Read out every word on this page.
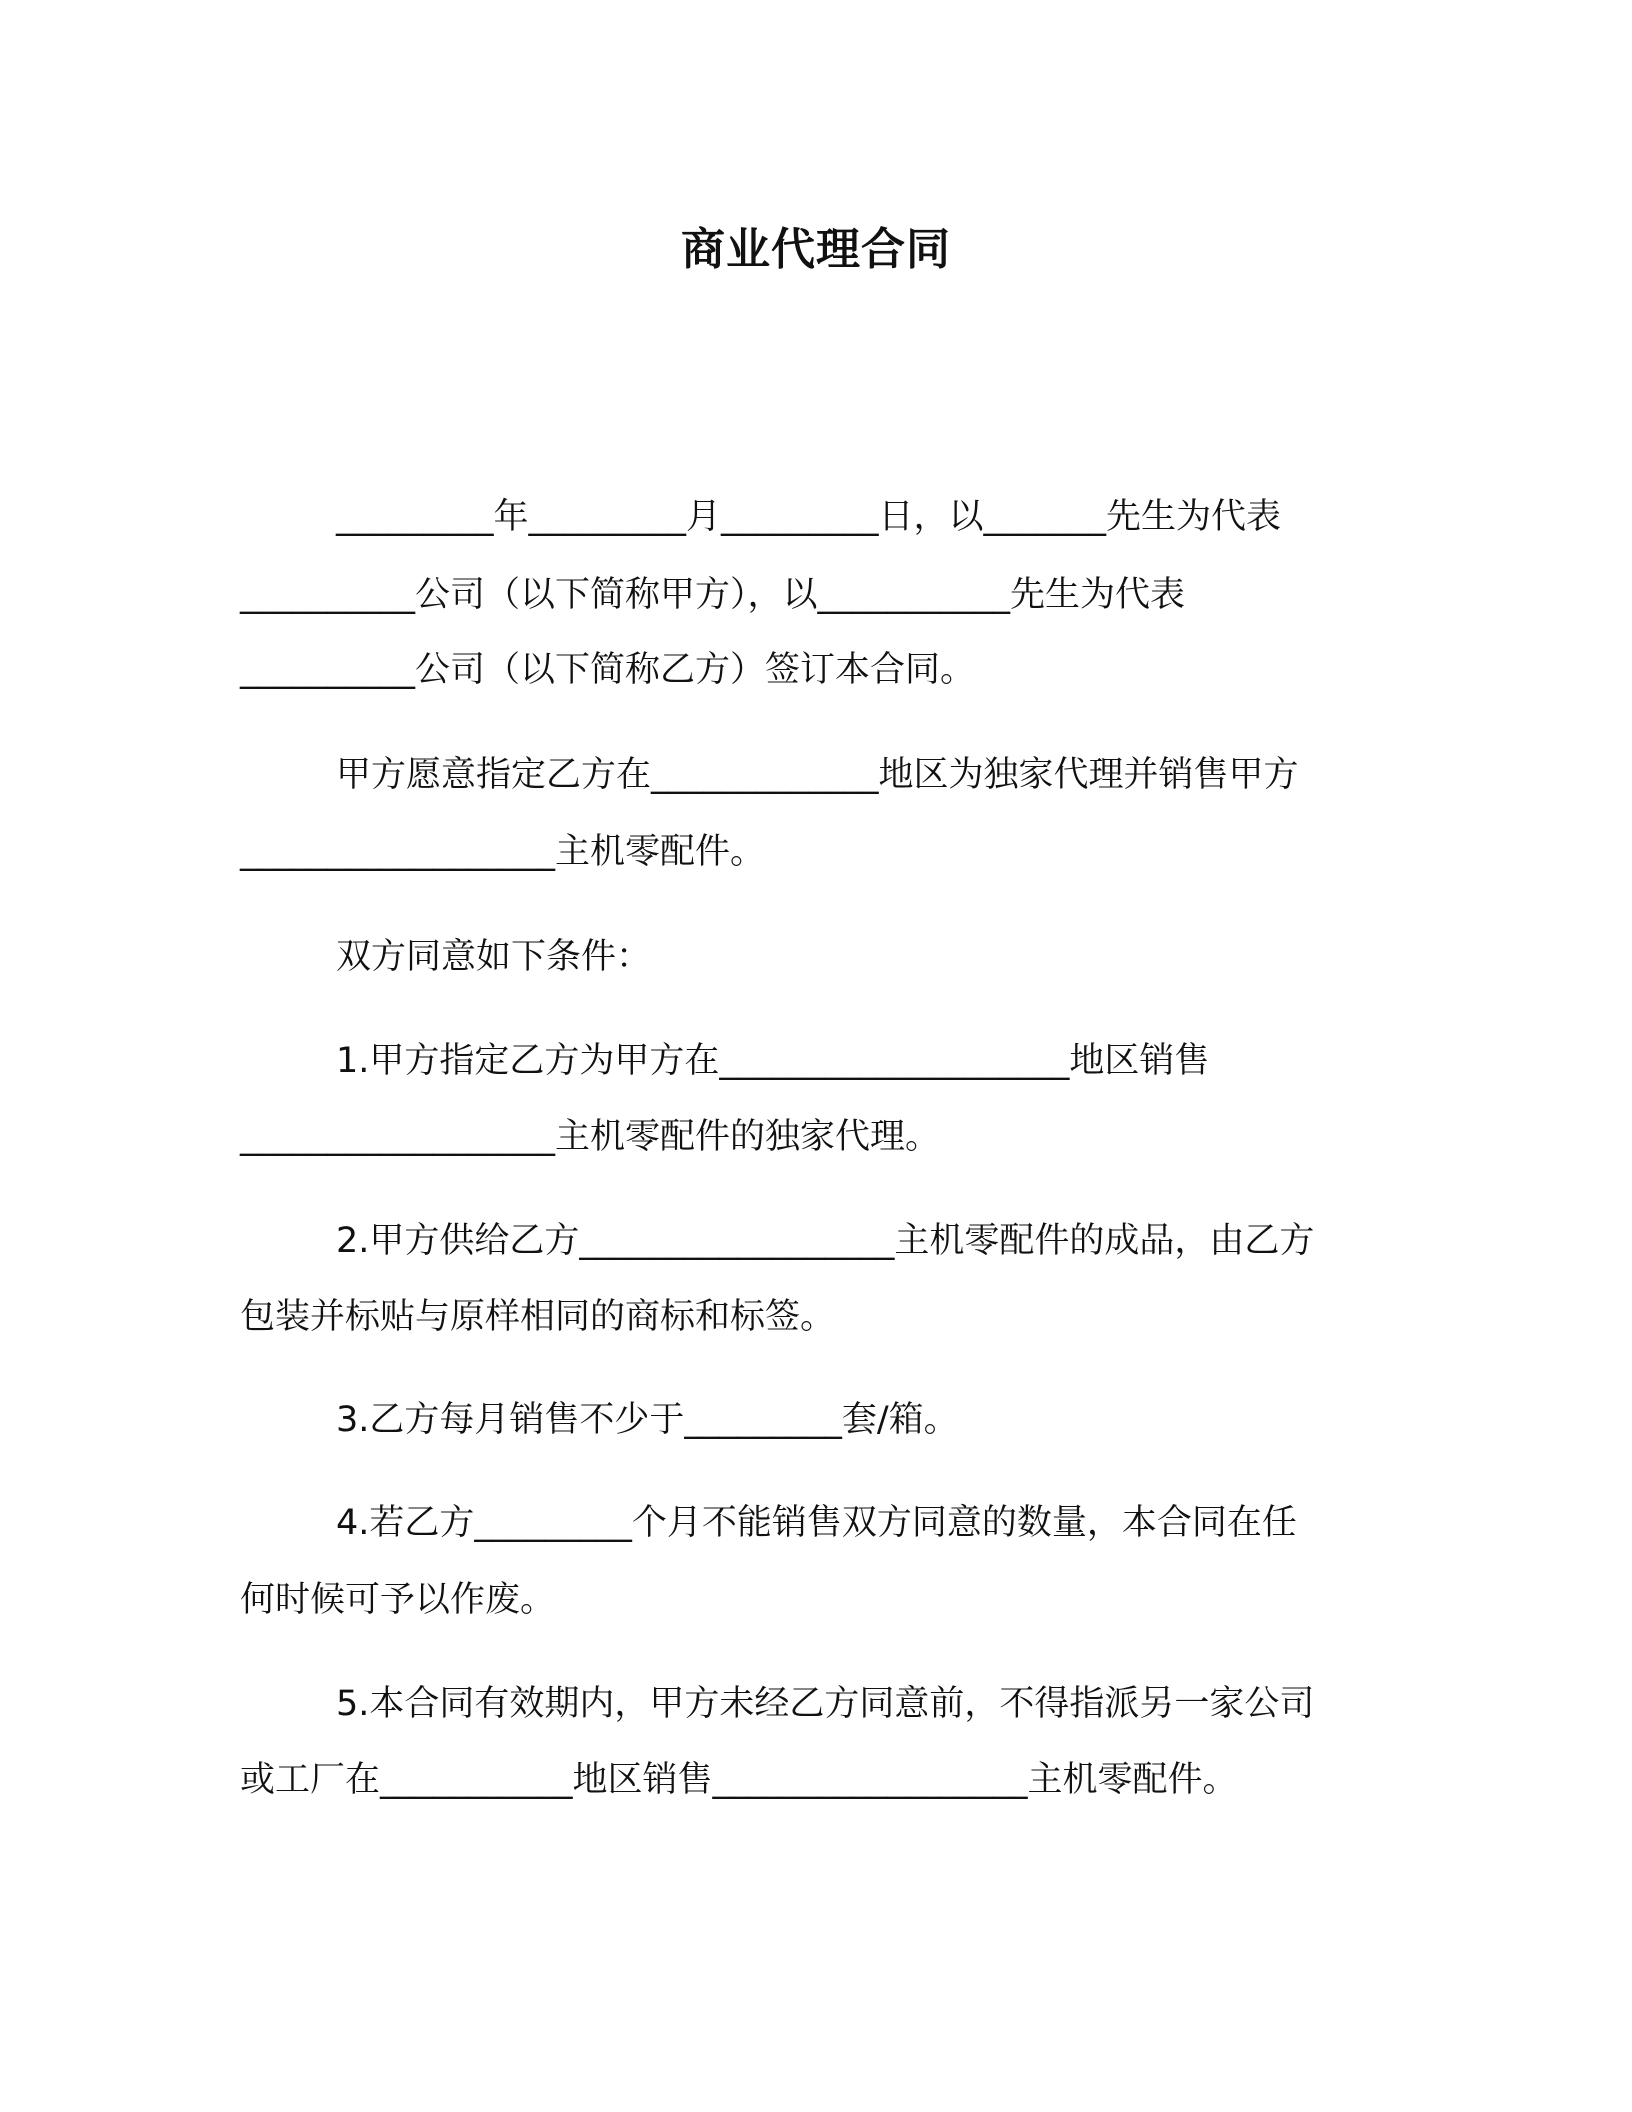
商业代理合同
_________年_________月_________日，以_______先生为代表
__________公司（以下简称甲方），以___________先生为代表
__________公司（以下简称乙方）签订本合同。
甲方愿意指定乙方在_____________地区为独家代理并销售甲方
__________________主机零配件。
双方同意如下条件：
1.甲方指定乙方为甲方在____________________地区销售
__________________主机零配件的独家代理。
2.甲方供给乙方__________________主机零配件的成品，由乙方
包装并标贴与原样相同的商标和标签。
3.乙方每月销售不少于_________套/箱。
4.若乙方_________个月不能销售双方同意的数量，本合同在任
何时候可予以作废。
5.本合同有效期内，甲方未经乙方同意前，不得指派另一家公司
或工厂在___________地区销售__________________主机零配件。
